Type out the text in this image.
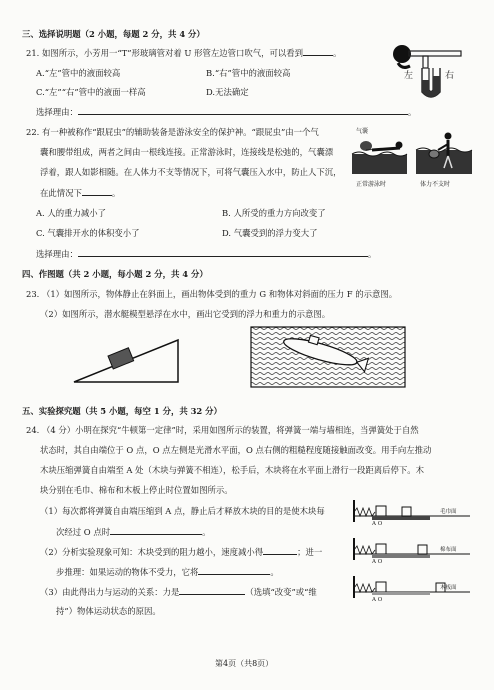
三、选择说明题（2 小题，每题 2 分，共 4 分）
21. 如图所示，小芳用一“T”形玻璃管对着 U 形管左边管口吹气，可以看到	。
A.“左”管中的液面较高	B.“右”管中的液面较高
C.“左”“右”管中的液面一样高	D.无法确定
选择理由：	。
左	右
22. 有一种被称作“跟屁虫”的辅助装备是游泳安全的保护神。“跟屁虫”由一个气
囊和腰带组成，两者之间由一根线连接。正常游泳时，连接线是松弛的，气囊漂
浮着，跟人如影相随。在人体力不支等情况下，可将气囊压入水中，防止人下沉，
在此情况下	。
A. 人的重力减小了	B. 人所受的重力方向改变了
C. 气囊排开水的体积变小了	D. 气囊受到的浮力变大了
选择理由：	。
气囊
正常游泳时	体力不支时
四、作图题（共 2 小题，每小题 2 分，共 4 分）
23. （1）如图所示，物体静止在斜面上，画出物体受到的重力 G 和物体对斜面的压力 F 的示意图。
（2）如图所示，潜水艇模型悬浮在水中，画出它受到的浮力和重力的示意图。
五、实验探究题（共 5 小题，每空 1 分，共 32 分）
24. （4 分）小明在探究“牛顿第一定律”时，采用如图所示的装置，将弹簧一端与墙相连，当弹簧处于自然
状态时，其自由端位于 O 点，O 点左侧是光滑水平面，O 点右侧的粗糙程度随接触面改变。用手向左推动
木块压缩弹簧自由端至 A 处（木块与弹簧不相连），松手后，木块将在水平面上滑行一段距离后停下。木
块分别在毛巾、棉布和木板上停止时位置如图所示。
（1）每次都将弹簧自由端压缩到 A 点，静止后才释放木块的目的是使木块每
次经过 O 点时	。
（2）分析实验现象可知：木块受到的阻力越小，速度减小得	；进一
步推理：如果运动的物体不受力，它将	。
（3）由此得出力与运动的关系：力是	（选填“改变”或“维
持”）物体运动状态的原因。
毛巾面
棉布面
木板面
A O
A O
A O
第4页（共8页）
